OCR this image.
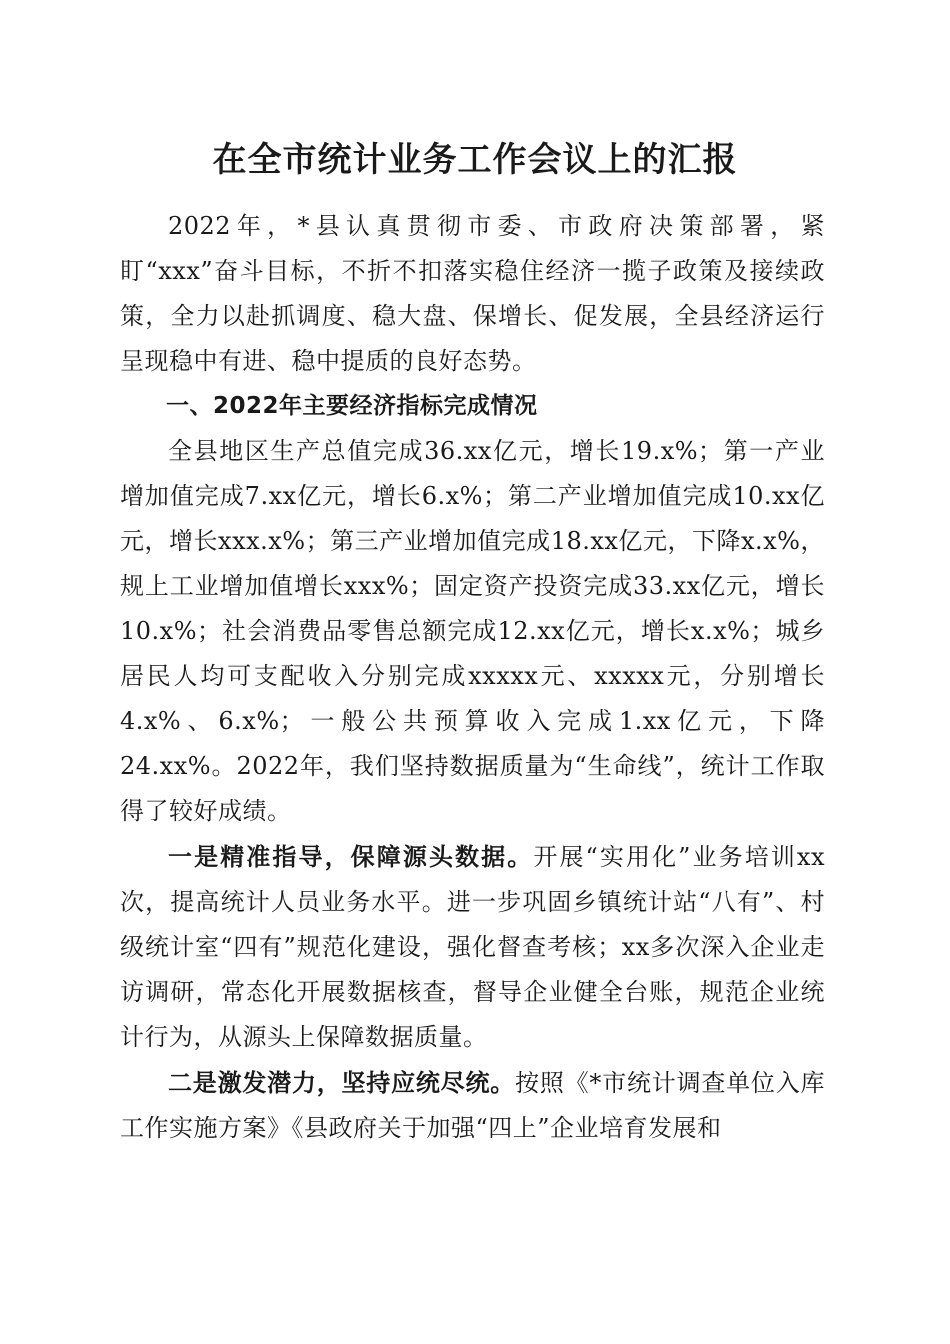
在全市统计业务工作会议上的汇报

2022年，*县认真贯彻市委、市政府决策部署，紧盯“xxx”奋斗目标，不折不扣落实稳住经济一揽子政策及接续政策，全力以赴抓调度、稳大盘、保增长、促发展，全县经济运行呈现稳中有进、稳中提质的良好态势。

一、2022年主要经济指标完成情况

全县地区生产总值完成36.xx亿元，增长19.x%；第一产业增加值完成7.xx亿元，增长6.x%；第二产业增加值完成10.xx亿元，增长xxx.x%；第三产业增加值完成18.xx亿元，下降x.x%，规上工业增加值增长xxx%；固定资产投资完成33.xx亿元，增长10.x%；社会消费品零售总额完成12.xx亿元，增长x.x%；城乡居民人均可支配收入分别完成xxxxx元、xxxxx元，分别增长4.x%、6.x%；一般公共预算收入完成1.xx亿元，下降24.xx%。2022年，我们坚持数据质量为“生命线”，统计工作取得了较好成绩。

一是精准指导，保障源头数据。开展“实用化”业务培训xx次，提高统计人员业务水平。进一步巩固乡镇统计站“八有”、村级统计室“四有”规范化建设，强化督查考核；xx多次深入企业走访调研，常态化开展数据核查，督导企业健全台账，规范企业统计行为，从源头上保障数据质量。

二是激发潜力，坚持应统尽统。按照《*市统计调查单位入库工作实施方案》《县政府关于加强“四上”企业培育发展和
